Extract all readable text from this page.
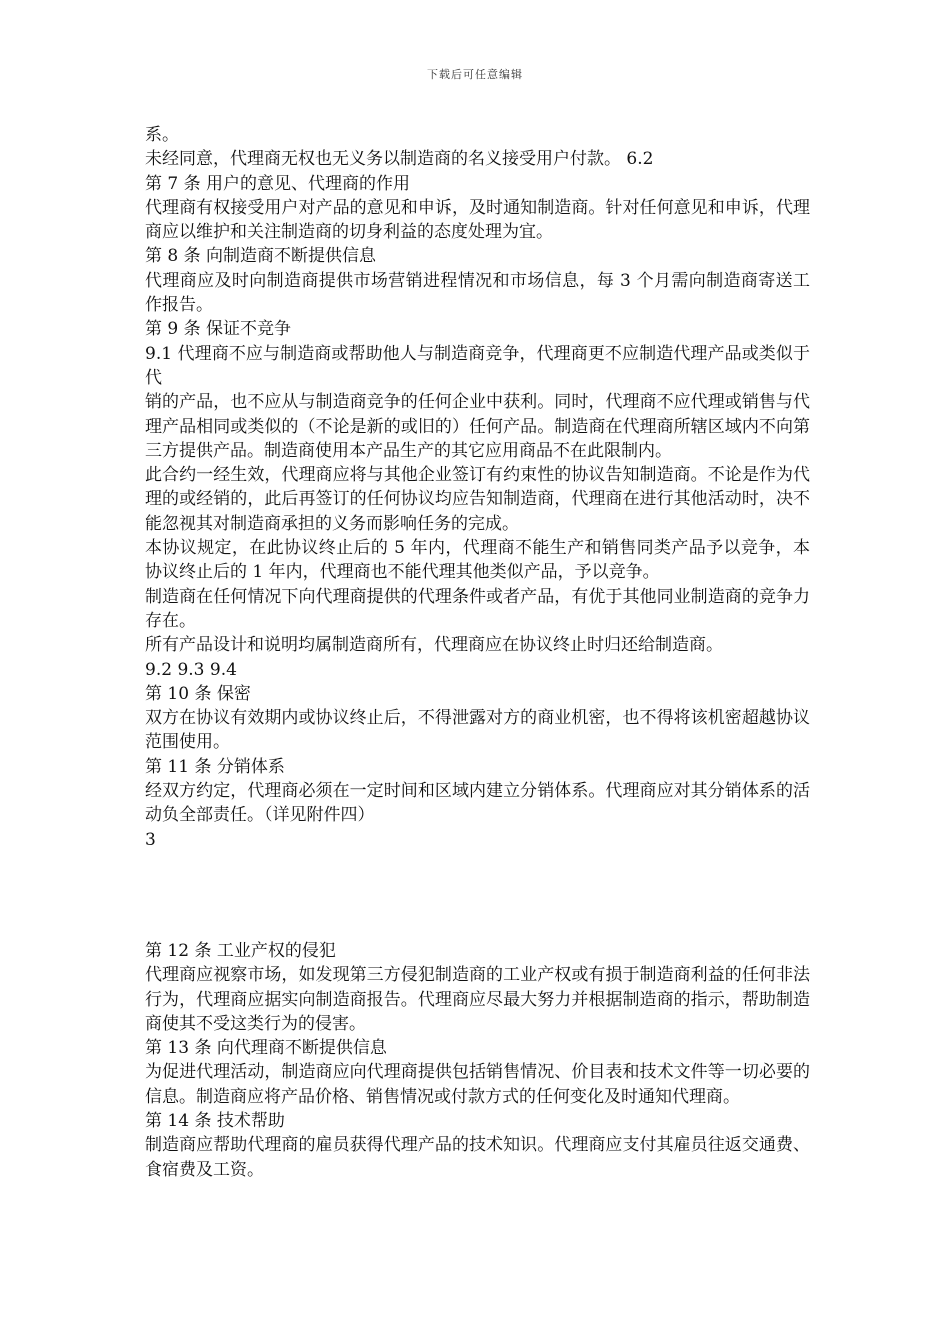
下载后可任意编辑

系。

未经同意，代理商无权也无义务以制造商的名义接受用户付款。 6.2

第 7 条 用户的意见、代理商的作用

代理商有权接受用户对产品的意见和申诉，及时通知制造商。针对任何意见和申诉，代理商应以维护和关注制造商的切身利益的态度处理为宜。

第 8 条 向制造商不断提供信息

代理商应及时向制造商提供市场营销进程情况和市场信息，每 3 个月需向制造商寄送工作报告。

第 9 条 保证不竞争

9.1 代理商不应与制造商或帮助他人与制造商竞争，代理商更不应制造代理产品或类似于代

销的产品，也不应从与制造商竞争的任何企业中获利。同时，代理商不应代理或销售与代理产品相同或类似的（不论是新的或旧的）任何产品。制造商在代理商所辖区域内不向第三方提供产品。制造商使用本产品生产的其它应用商品不在此限制内。

此合约一经生效，代理商应将与其他企业签订有约束性的协议告知制造商。不论是作为代理的或经销的，此后再签订的任何协议均应告知制造商，代理商在进行其他活动时，决不能忽视其对制造商承担的义务而影响任务的完成。

本协议规定，在此协议终止后的 5 年内，代理商不能生产和销售同类产品予以竞争，本协议终止后的 1 年内，代理商也不能代理其他类似产品，予以竞争。

制造商在任何情况下向代理商提供的代理条件或者产品，有优于其他同业制造商的竞争力存在。

所有产品设计和说明均属制造商所有，代理商应在协议终止时归还给制造商。

9.2 9.3 9.4

第 10 条 保密

双方在协议有效期内或协议终止后，不得泄露对方的商业机密，也不得将该机密超越协议范围使用。

第 11 条 分销体系

经双方约定，代理商必须在一定时间和区域内建立分销体系。代理商应对其分销体系的活动负全部责任。（详见附件四）

3

第 12 条 工业产权的侵犯

代理商应视察市场，如发现第三方侵犯制造商的工业产权或有损于制造商利益的任何非法行为，代理商应据实向制造商报告。代理商应尽最大努力并根据制造商的指示，帮助制造商使其不受这类行为的侵害。

第 13 条 向代理商不断提供信息

为促进代理活动，制造商应向代理商提供包括销售情况、价目表和技术文件等一切必要的信息。制造商应将产品价格、销售情况或付款方式的任何变化及时通知代理商。

第 14 条 技术帮助

制造商应帮助代理商的雇员获得代理产品的技术知识。代理商应支付其雇员往返交通费、食宿费及工资。
